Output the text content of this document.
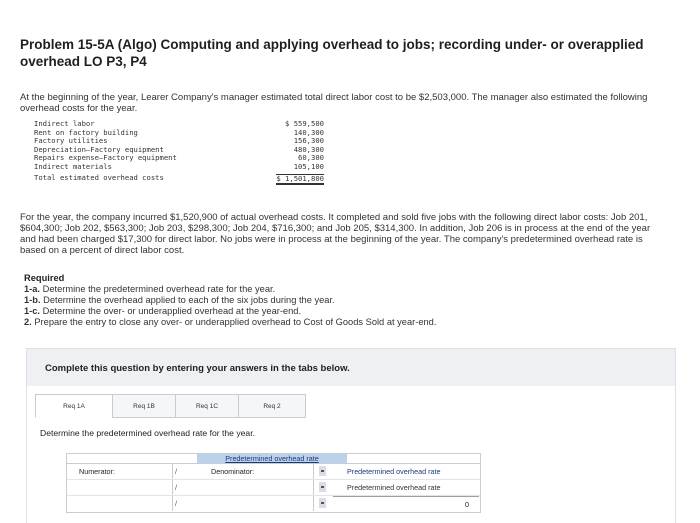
Problem 15-5A (Algo) Computing and applying overhead to jobs; recording under- or overapplied overhead LO P3, P4
At the beginning of the year, Learer Company's manager estimated total direct labor cost to be $2,503,000. The manager also estimated the following overhead costs for the year.
Indirect labor	$ 559,500
Rent on factory building	140,300
Factory utilities	156,300
Depreciation—Factory equipment	480,300
Repairs expense—Factory equipment	60,300
Indirect materials	105,100
Total estimated overhead costs	$ 1,501,800
For the year, the company incurred $1,520,900 of actual overhead costs. It completed and sold five jobs with the following direct labor costs: Job 201, $604,300; Job 202, $563,300; Job 203, $298,300; Job 204, $716,300; and Job 205, $314,300. In addition, Job 206 is in process at the end of the year and had been charged $17,300 for direct labor. No jobs were in process at the beginning of the year. The company's predetermined overhead rate is based on a percent of direct labor cost.
Required
1-a. Determine the predetermined overhead rate for the year.
1-b. Determine the overhead applied to each of the six jobs during the year.
1-c. Determine the over- or underapplied overhead at the year-end.
2. Prepare the entry to close any over- or underapplied overhead to Cost of Goods Sold at year-end.
Complete this question by entering your answers in the tabs below.
Req 1A	Req 1B	Req 1C	Req 2
Determine the predetermined overhead rate for the year.
Predetermined overhead rate
Numerator:	/	Denominator:	Predetermined overhead rate
/	Predetermined overhead rate
/	0
